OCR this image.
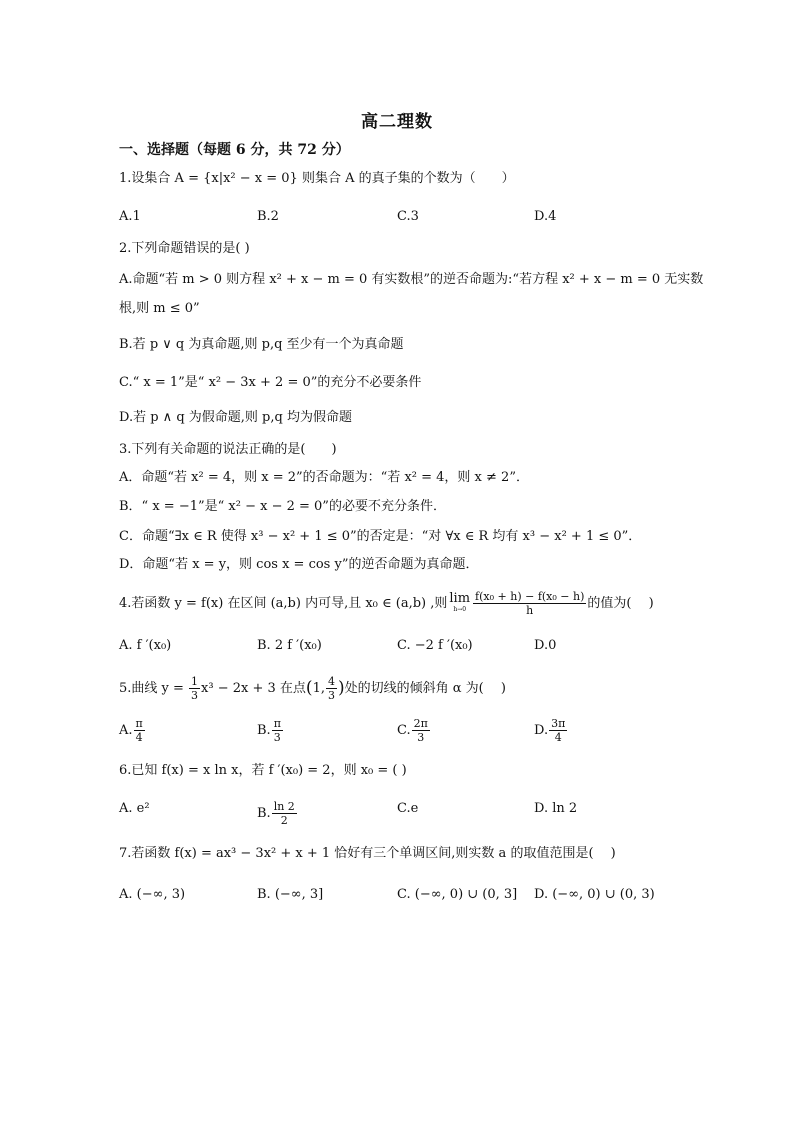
高二理数
一、选择题（每题 6 分，共 72 分）
1.设集合 A = {x|x² − x = 0} 则集合 A 的真子集的个数为（　　）
A.1	B.2	C.3	D.4
2.下列命题错误的是( )
A.命题“若 m > 0 则方程 x² + x − m = 0 有实数根”的逆否命题为:“若方程 x² + x − m = 0 无实数
根,则 m ≤ 0”
B.若 p ∨ q 为真命题,则 p,q 至少有一个为真命题
C.“ x = 1”是“ x² − 3x + 2 = 0”的充分不必要条件
D.若 p ∧ q 为假命题,则 p,q 均为假命题
3.下列有关命题的说法正确的是(　　)
A．命题“若 x² = 4，则 x = 2”的否命题为：“若 x² = 4，则 x ≠ 2”．
B．“ x = −1”是“ x² − x − 2 = 0”的必要不充分条件．
C．命题“∃x ∈ R 使得 x³ − x² + 1 ≤ 0”的否定是：“对 ∀x ∈ R 均有 x³ − x² + 1 ≤ 0”．
D．命题“若 x = y，则 cos x = cos y”的逆否命题为真命题．
4.若函数 y = f(x) 在区间 (a,b) 内可导,且 x₀ ∈ (a,b) ,则 lim
$h\to 0 \frac{\text{f(x₀ + h) − f(x₀ − h)}}{h}$ 的值为(　 )
A. f ′(x₀)	B. 2 f ′(x₀)	C. −2 f ′(x₀)	D.0
5.曲线 $y = \frac{1}{3} x^3 - 2x + 3$ 在点(1, $\frac{4}{3}$ )处的切线的倾斜角 α 为(　 )
A. $\frac{\pi}{4}$	B. $\frac{\pi}{3}$	C. $\frac{2\pi}{3}$	D. $\frac{3\pi}{4}$
6.已知 f(x) = x ln x，若 f ′(x₀) = 2，则 x₀ = ( )
A. e²	B. $\frac{\ln 2}{2}$	C.e	D. ln 2
7.若函数 f(x) = ax³ − 3x² + x + 1 恰好有三个单调区间,则实数 a 的取值范围是(　 )
A. (−∞, 3)	B. (−∞, 3]	C. (−∞, 0) ∪ (0, 3] D. (−∞, 0) ∪ (0, 3)
